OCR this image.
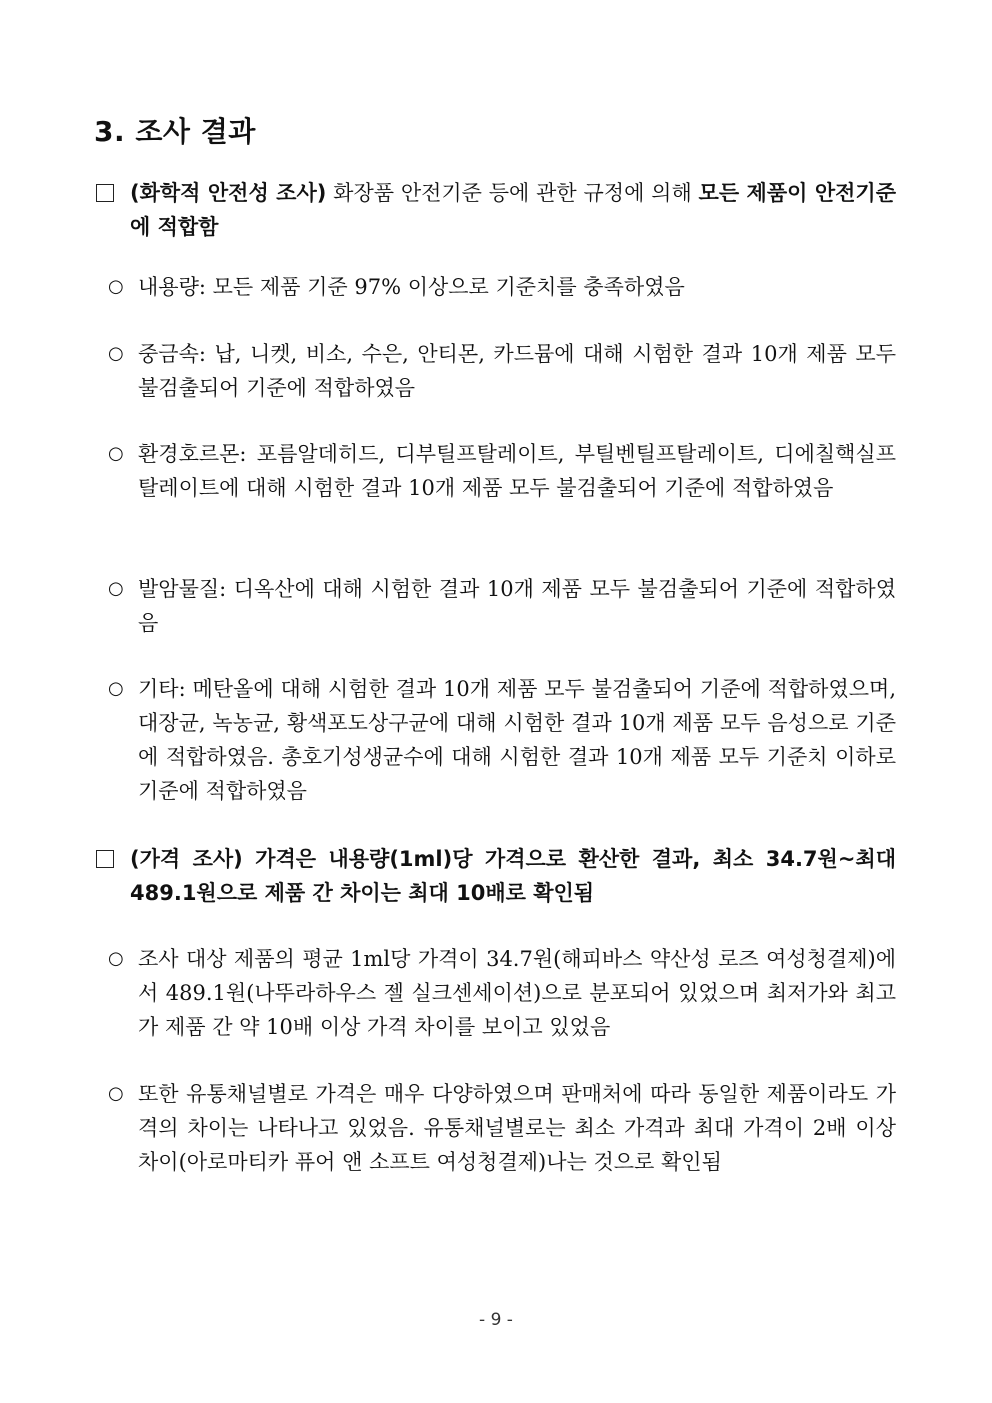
3. 조사 결과
(화학적 안전성 조사) 화장품 안전기준 등에 관한 규정에 의해 모든 제품이 안전기준에 적합함
○ 내용량: 모든 제품 기준 97% 이상으로 기준치를 충족하였음
○ 중금속: 납, 니켓, 비소, 수은, 안티몬, 카드뮴에 대해 시험한 결과 10개 제품 모두 불검출되어 기준에 적합하였음
○ 환경호르몬: 포름알데히드, 디부틸프탈레이트, 부틸벤틸프탈레이트, 디에칠핵실프탈레이트에 대해 시험한 결과 10개 제품 모두 불검출되어 기준에 적합하였음
○ 발암물질: 디옥산에 대해 시험한 결과 10개 제품 모두 불검출되어 기준에 적합하였음
○ 기타: 메탄올에 대해 시험한 결과 10개 제품 모두 불검출되어 기준에 적합하였으며, 대장균, 녹농균, 황색포도상구균에 대해 시험한 결과 10개 제품 모두 음성으로 기준에 적합하였음. 총호기성생균수에 대해 시험한 결과 10개 제품 모두 기준치 이하로 기준에 적합하였음
(가격 조사) 가격은 내용량(1ml)당 가격으로 환산한 결과, 최소 34.7원~최대 489.1원으로 제품 간 차이는 최대 10배로 확인됨
○ 조사 대상 제품의 평균 1ml당 가격이 34.7원(해피바스 약산성 로즈 여성청결제)에서 489.1원(나뚜라하우스 젤 실크센세이션)으로 분포되어 있었으며 최저가와 최고가 제품 간 약 10배 이상 가격 차이를 보이고 있었음
○ 또한 유통채널별로 가격은 매우 다양하였으며 판매처에 따라 동일한 제품이라도 가격의 차이는 나타나고 있었음. 유통채널별로는 최소 가격과 최대 가격이 2배 이상 차이(아로마티카 퓨어 앤 소프트 여성청결제)나는 것으로 확인됨
- 9 -
